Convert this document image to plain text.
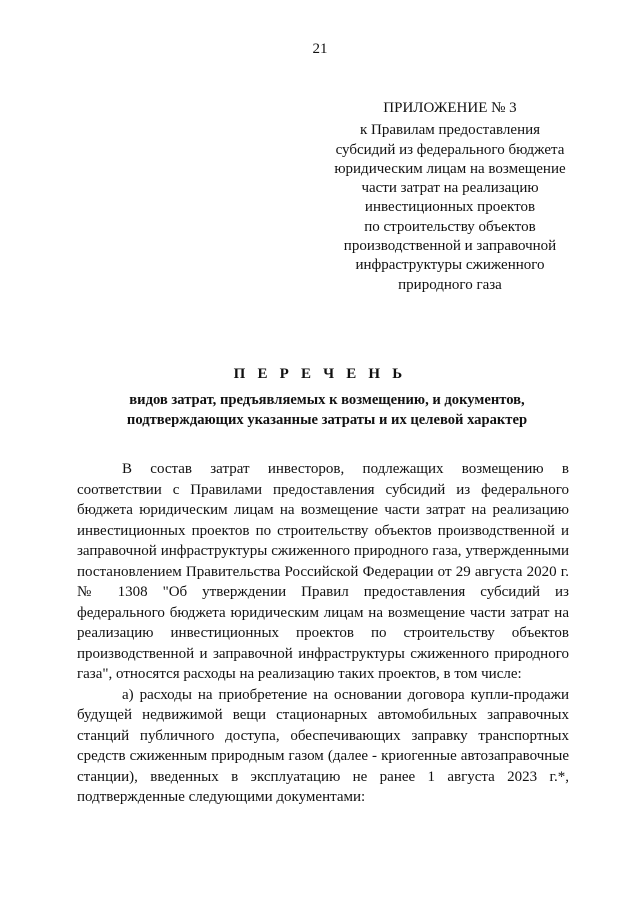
21
ПРИЛОЖЕНИЕ № 3
к Правилам предоставления
субсидий из федерального бюджета
юридическим лицам на возмещение
части затрат на реализацию
инвестиционных проектов
по строительству объектов
производственной и заправочной
инфраструктуры сжиженного
природного газа
П Е Р Е Ч Е Н Ь
видов затрат, предъявляемых к возмещению, и документов,
подтверждающих указанные затраты и их целевой характер

В состав затрат инвесторов, подлежащих возмещению в соответствии с Правилами предоставления субсидий из федерального бюджета юридическим лицам на возмещение части затрат на реализацию инвестиционных проектов по строительству объектов производственной и заправочной инфраструктуры сжиженного природного газа, утвержденными постановлением Правительства Российской Федерации от 29 августа 2020 г. № 1308 "Об утверждении Правил предоставления субсидий из федерального бюджета юридическим лицам на возмещение части затрат на реализацию инвестиционных проектов по строительству объектов производственной и заправочной инфраструктуры сжиженного природного газа", относятся расходы на реализацию таких проектов, в том числе:

а) расходы на приобретение на основании договора купли-продажи будущей недвижимой вещи стационарных автомобильных заправочных станций публичного доступа, обеспечивающих заправку транспортных средств сжиженным природным газом (далее - криогенные автозаправочные станции), введенных в эксплуатацию не ранее 1 августа 2023 г.*, подтвержденные следующими документами:
